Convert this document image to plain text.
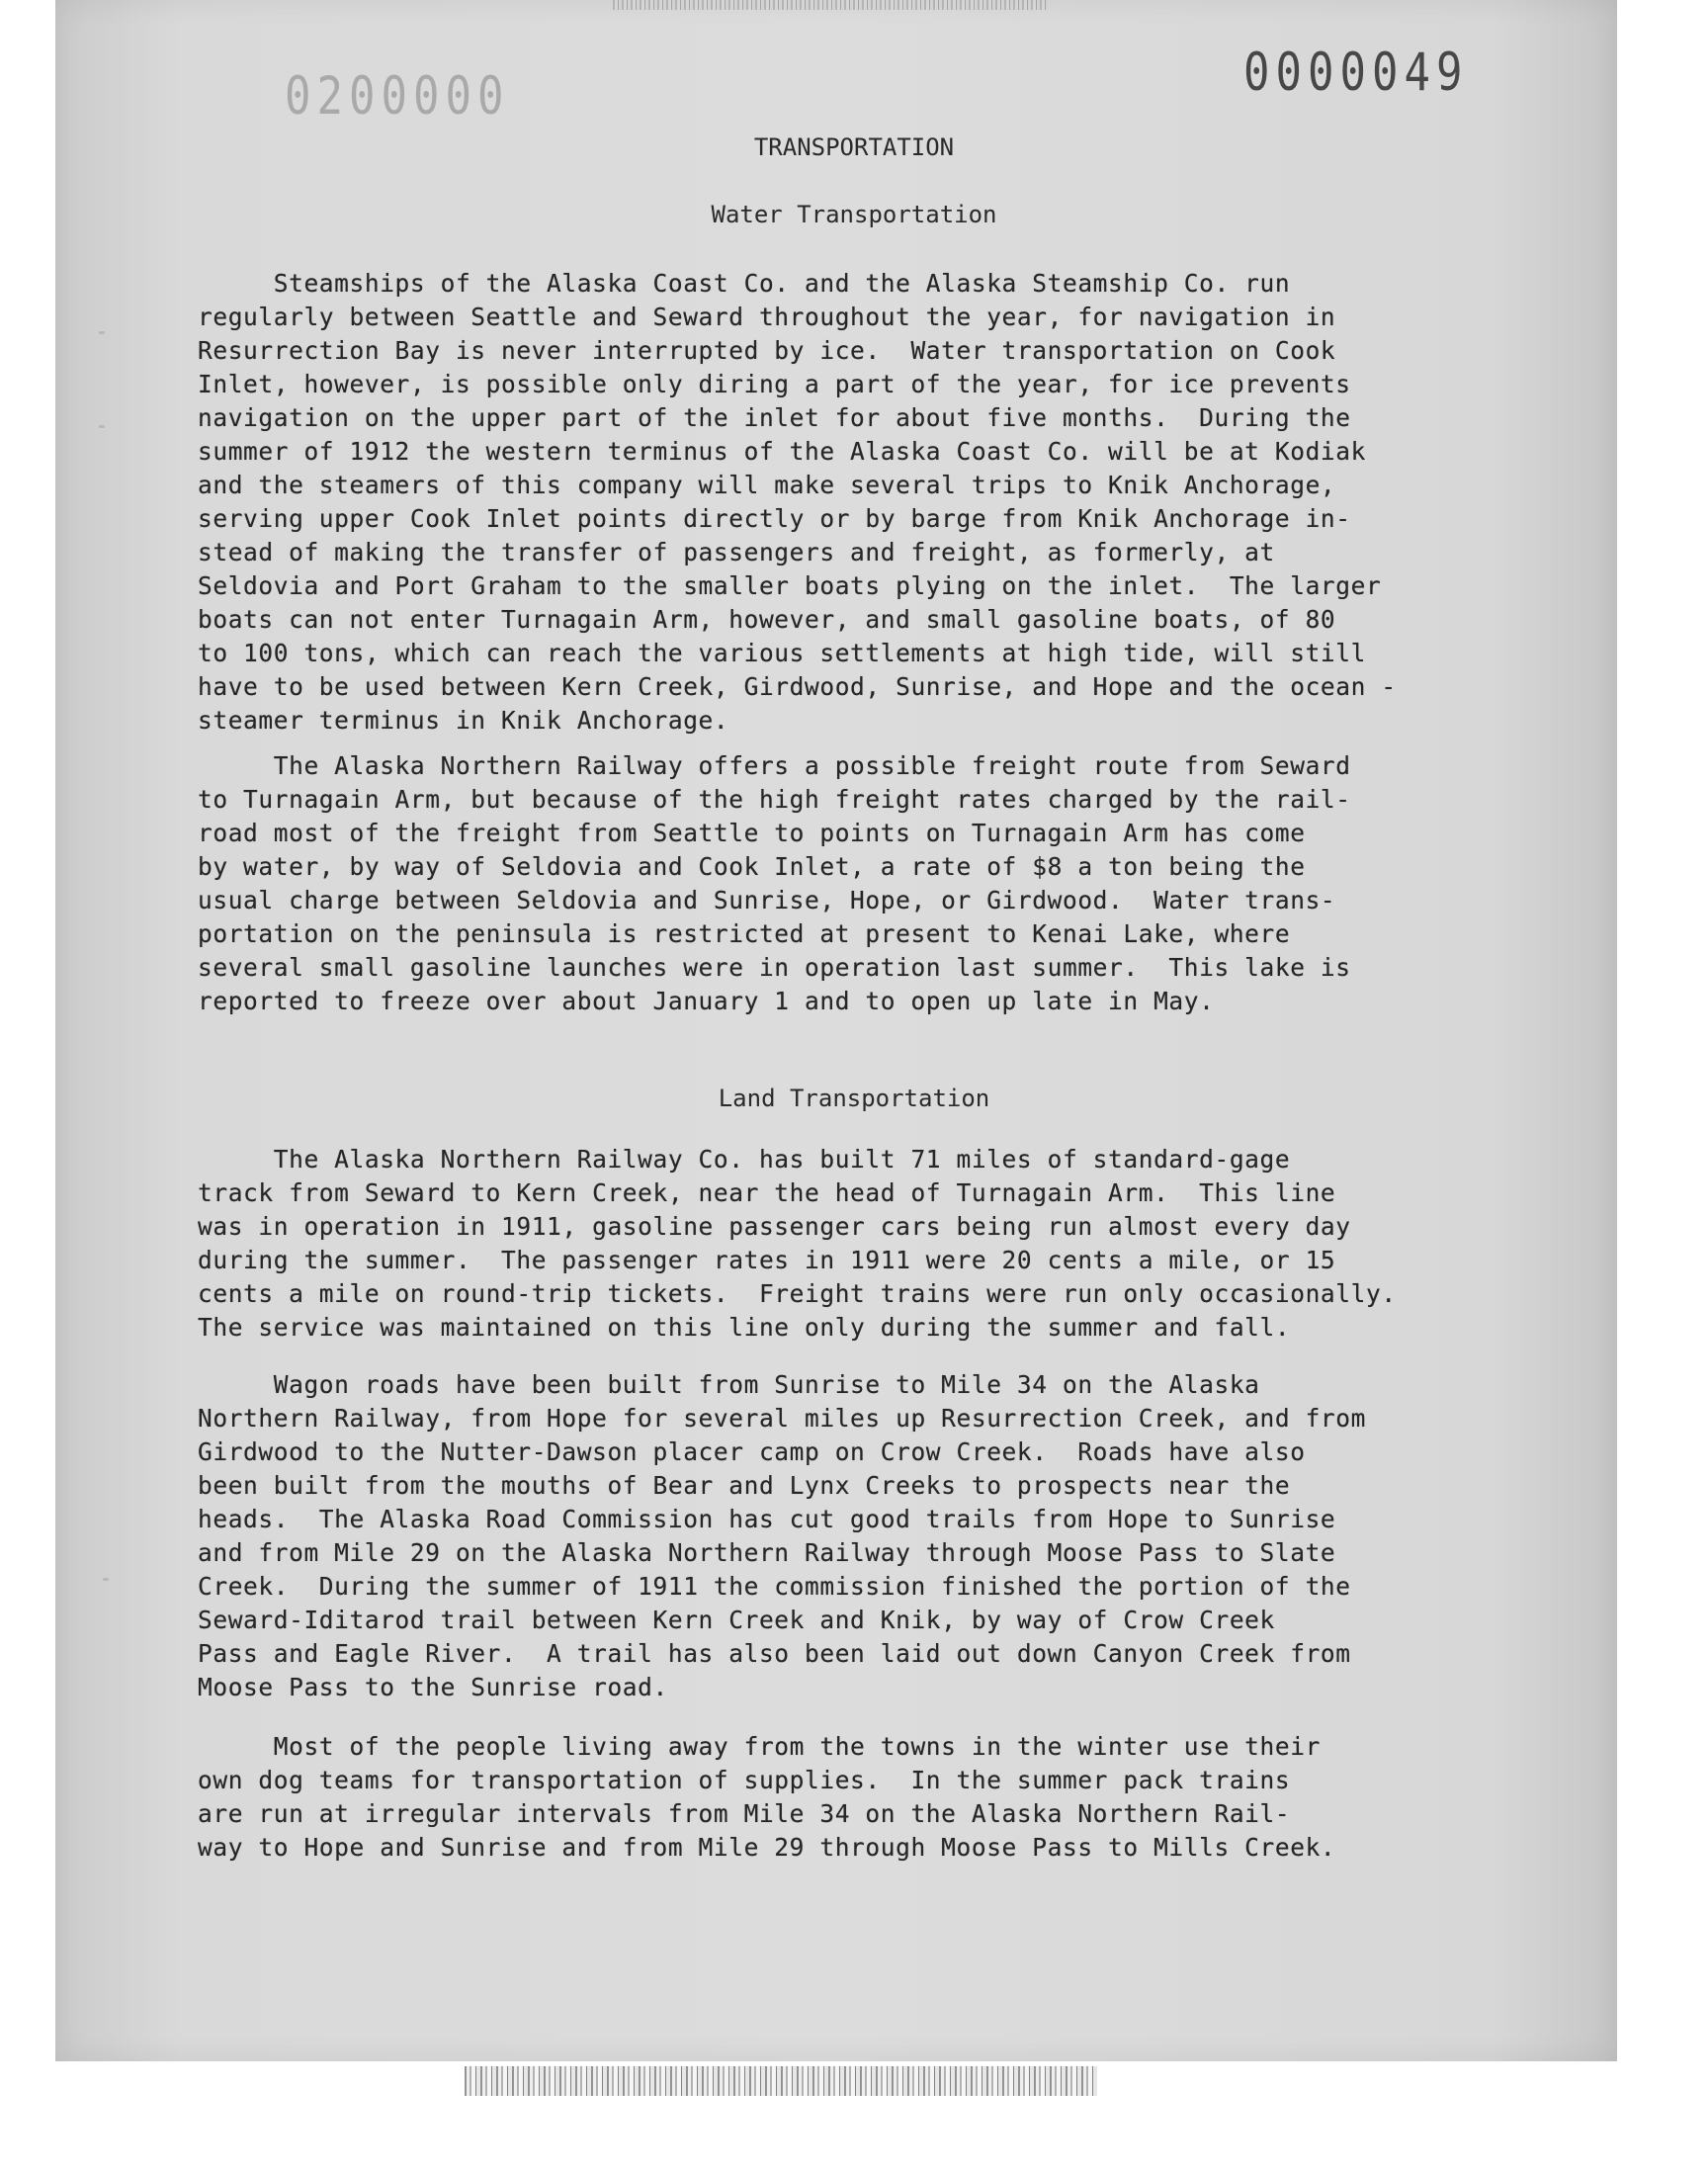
0200000	0000049
TRANSPORTATION
Water Transportation
Steamships of the Alaska Coast Co. and the Alaska Steamship Co. run
regularly between Seattle and Seward throughout the year, for navigation in
Resurrection Bay is never interrupted by ice.  Water transportation on Cook
Inlet, however, is possible only diring a part of the year, for ice prevents
navigation on the upper part of the inlet for about five months.  During the
summer of 1912 the western terminus of the Alaska Coast Co. will be at Kodiak
and the steamers of this company will make several trips to Knik Anchorage,
serving upper Cook Inlet points directly or by barge from Knik Anchorage in-
stead of making the transfer of passengers and freight, as formerly, at
Seldovia and Port Graham to the smaller boats plying on the inlet.  The larger
boats can not enter Turnagain Arm, however, and small gasoline boats, of 80
to 100 tons, which can reach the various settlements at high tide, will still
have to be used between Kern Creek, Girdwood, Sunrise, and Hope and the ocean -
steamer terminus in Knik Anchorage.
The Alaska Northern Railway offers a possible freight route from Seward
to Turnagain Arm, but because of the high freight rates charged by the rail-
road most of the freight from Seattle to points on Turnagain Arm has come
by water, by way of Seldovia and Cook Inlet, a rate of $8 a ton being the
usual charge between Seldovia and Sunrise, Hope, or Girdwood.  Water trans-
portation on the peninsula is restricted at present to Kenai Lake, where
several small gasoline launches were in operation last summer.  This lake is
reported to freeze over about January 1 and to open up late in May.
Land Transportation
The Alaska Northern Railway Co. has built 71 miles of standard-gage
track from Seward to Kern Creek, near the head of Turnagain Arm.  This line
was in operation in 1911, gasoline passenger cars being run almost every day
during the summer.  The passenger rates in 1911 were 20 cents a mile, or 15
cents a mile on round-trip tickets.  Freight trains were run only occasionally.
The service was maintained on this line only during the summer and fall.
Wagon roads have been built from Sunrise to Mile 34 on the Alaska
Northern Railway, from Hope for several miles up Resurrection Creek, and from
Girdwood to the Nutter-Dawson placer camp on Crow Creek.  Roads have also
been built from the mouths of Bear and Lynx Creeks to prospects near the
heads.  The Alaska Road Commission has cut good trails from Hope to Sunrise
and from Mile 29 on the Alaska Northern Railway through Moose Pass to Slate
Creek.  During the summer of 1911 the commission finished the portion of the
Seward-Iditarod trail between Kern Creek and Knik, by way of Crow Creek
Pass and Eagle River.  A trail has also been laid out down Canyon Creek from
Moose Pass to the Sunrise road.
Most of the people living away from the towns in the winter use their
own dog teams for transportation of supplies.  In the summer pack trains
are run at irregular intervals from Mile 34 on the Alaska Northern Rail-
way to Hope and Sunrise and from Mile 29 through Moose Pass to Mills Creek.
